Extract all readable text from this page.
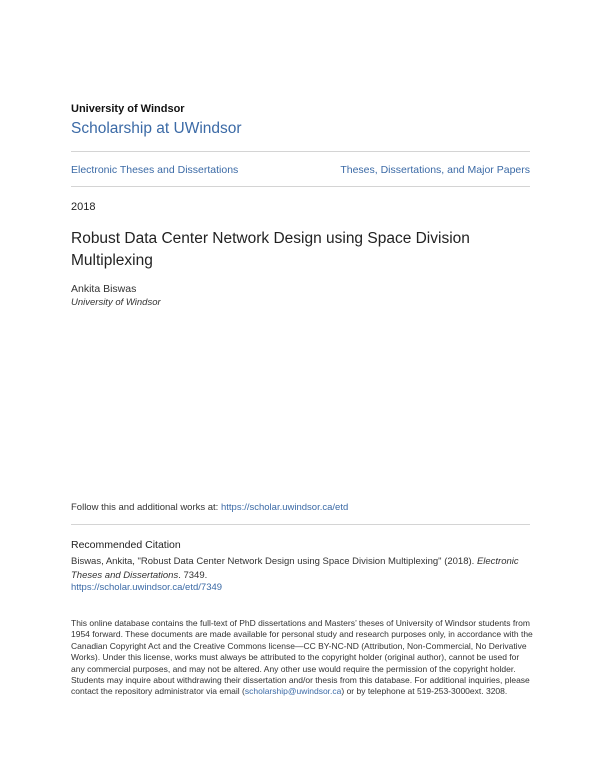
University of Windsor
Scholarship at UWindsor
Electronic Theses and Dissertations	Theses, Dissertations, and Major Papers
2018
Robust Data Center Network Design using Space Division Multiplexing
Ankita Biswas
University of Windsor
Follow this and additional works at: https://scholar.uwindsor.ca/etd
Recommended Citation
Biswas, Ankita, "Robust Data Center Network Design using Space Division Multiplexing" (2018). Electronic Theses and Dissertations. 7349.
https://scholar.uwindsor.ca/etd/7349
This online database contains the full-text of PhD dissertations and Masters’ theses of University of Windsor students from 1954 forward. These documents are made available for personal study and research purposes only, in accordance with the Canadian Copyright Act and the Creative Commons license—CC BY-NC-ND (Attribution, Non-Commercial, No Derivative Works). Under this license, works must always be attributed to the copyright holder (original author), cannot be used for any commercial purposes, and may not be altered. Any other use would require the permission of the copyright holder. Students may inquire about withdrawing their dissertation and/or thesis from this database. For additional inquiries, please contact the repository administrator via email (scholarship@uwindsor.ca) or by telephone at 519-253-3000ext. 3208.
